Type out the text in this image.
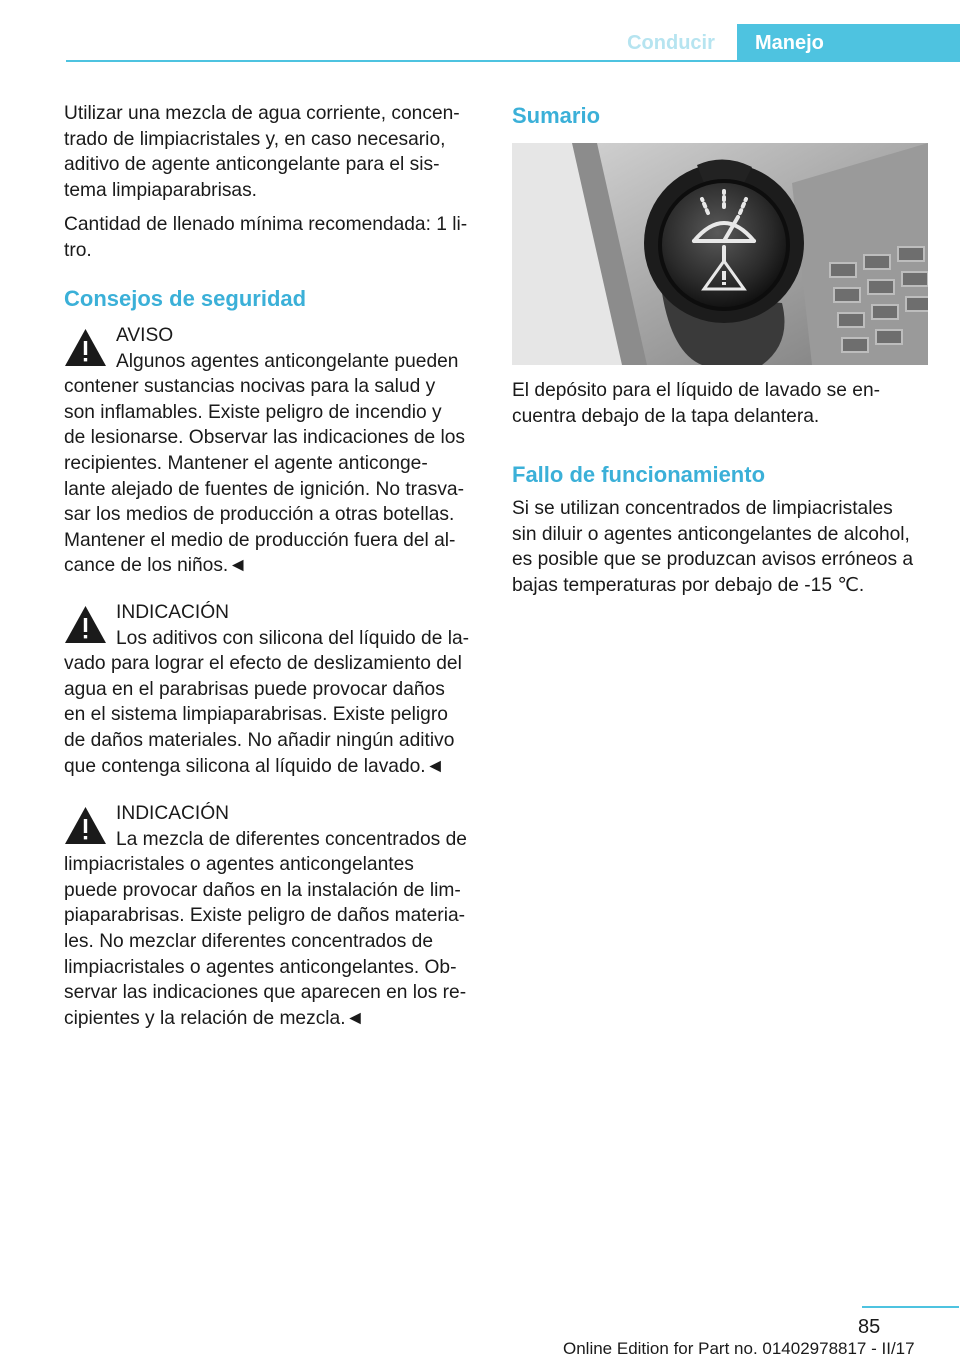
Conducir	Manejo

Utilizar una mezcla de agua corriente, concen-
trado de limpiacristales y, en caso necesario,
aditivo de agente anticongelante para el sis-
tema limpiaparabrisas.

Cantidad de llenado mínima recomendada: 1 li-
tro.

Consejos de seguridad
AVISO
Algunos agentes anticongelante pueden
contener sustancias nocivas para la salud y
son inflamables. Existe peligro de incendio y
de lesionarse. Observar las indicaciones de los
recipientes. Mantener el agente anticonge-
lante alejado de fuentes de ignición. No trasva-
sar los medios de producción a otras botellas.
Mantener el medio de producción fuera del al-
cance de los niños.◄
INDICACIÓN
Los aditivos con silicona del líquido de la-
vado para lograr el efecto de deslizamiento del
agua en el parabrisas puede provocar daños
en el sistema limpiaparabrisas. Existe peligro
de daños materiales. No añadir ningún aditivo
que contenga silicona al líquido de lavado.◄
INDICACIÓN
La mezcla de diferentes concentrados de
limpiacristales o agentes anticongelantes
puede provocar daños en la instalación de lim-
piaparabrisas. Existe peligro de daños materia-
les. No mezclar diferentes concentrados de
limpiacristales o agentes anticongelantes. Ob-
servar las indicaciones que aparecen en los re-
cipientes y la relación de mezcla.◄
Sumario

El depósito para el líquido de lavado se en-
cuentra debajo de la tapa delantera.

Fallo de funcionamiento

Si se utilizan concentrados de limpiacristales
sin diluir o agentes anticongelantes de alcohol,
es posible que se produzcan avisos erróneos a
bajas temperaturas por debajo de -15 ℃.

85
Online Edition for Part no. 01402978817 - II/17
